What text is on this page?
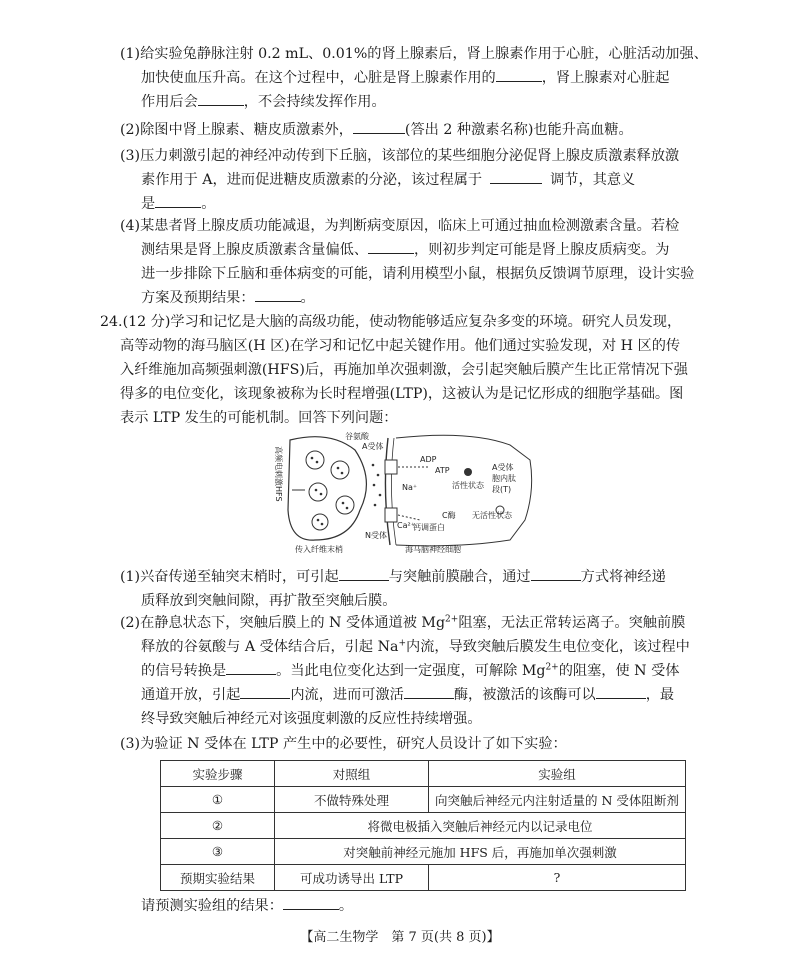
(1)给实验兔静脉注射 0.2 mL、0.01%的肾上腺素后，肾上腺素作用于心脏，心脏活动加强、

加快使血压升高。在这个过程中，心脏是肾上腺素作用的	，肾上腺素对心脏起

作用后会	，不会持续发挥作用。

(2)除图中肾上腺素、糖皮质激素外，	(答出 2 种激素名称)也能升高血糖。

(3)压力刺激引起的神经冲动传到下丘脑，该部位的某些细胞分泌促肾上腺皮质激素释放激

素作用于 A，进而促进糖皮质激素的分泌，该过程属于	调节，其意义

是	。

(4)某患者肾上腺皮质功能减退，为判断病变原因，临床上可通过抽血检测激素含量。若检

测结果是肾上腺皮质激素含量偏低、	，则初步判定可能是肾上腺皮质病变。为

进一步排除下丘脑和垂体病变的可能，请利用模型小鼠，根据负反馈调节原理，设计实验

方案及预期结果：	。

24.(12 分)学习和记忆是大脑的高级功能，使动物能够适应复杂多变的环境。研究人员发现，

高等动物的海马脑区(H 区)在学习和记忆中起关键作用。他们通过实验发现，对 H 区的传

入纤维施加高频强刺激(HFS)后，再施加单次强刺激，会引起突触后膜产生比正常情况下强

得多的电位变化，该现象被称为长时程增强(LTP)，这被认为是记忆形成的细胞学基础。图

表示 LTP 发生的可能机制。回答下列问题：

谷氨酸
A受体
高频电刺激HFS	ADP
ATP
Na⁺	活性状态
A受体
胞内肽
段(T)
Ca²⁺
钙调蛋白
无活性状态
C酶
N受体
传入纤维末梢	海马脑神经细胞

(1)兴奋传递至轴突末梢时，可引起	与突触前膜融合，通过	方式将神经递

质释放到突触间隙，再扩散至突触后膜。

(2)在静息状态下，突触后膜上的 N 受体通道被 $Mg^{2+}$阻塞，无法正常转运离子。突触前膜

释放的谷氨酸与 A 受体结合后，引起 Na+内流，导致突触后膜发生电位变化，该过程中

的信号转换是	。当此电位变化达到一定强度，可解除 $Mg^{2+}$的阻塞，使 N 受体

通道开放，引起	内流，进而可激活	酶，被激活的该酶可以	，最

终导致突触后神经元对该强度刺激的反应性持续增强。

(3)为验证 N 受体在 LTP 产生中的必要性，研究人员设计了如下实验：

实验步骤	对照组	实验组
①	不做特殊处理	向突触后神经元内注射适量的 N 受体阻断剂
②	将微电极插入突触后神经元内以记录电位	
③	对突触前神经元施加 HFS 后，再施加单次强刺激	
预期实验结果	可成功诱导出 LTP	?

请预测实验组的结果：	。

【高二生物学　第 7 页(共 8 页)】
